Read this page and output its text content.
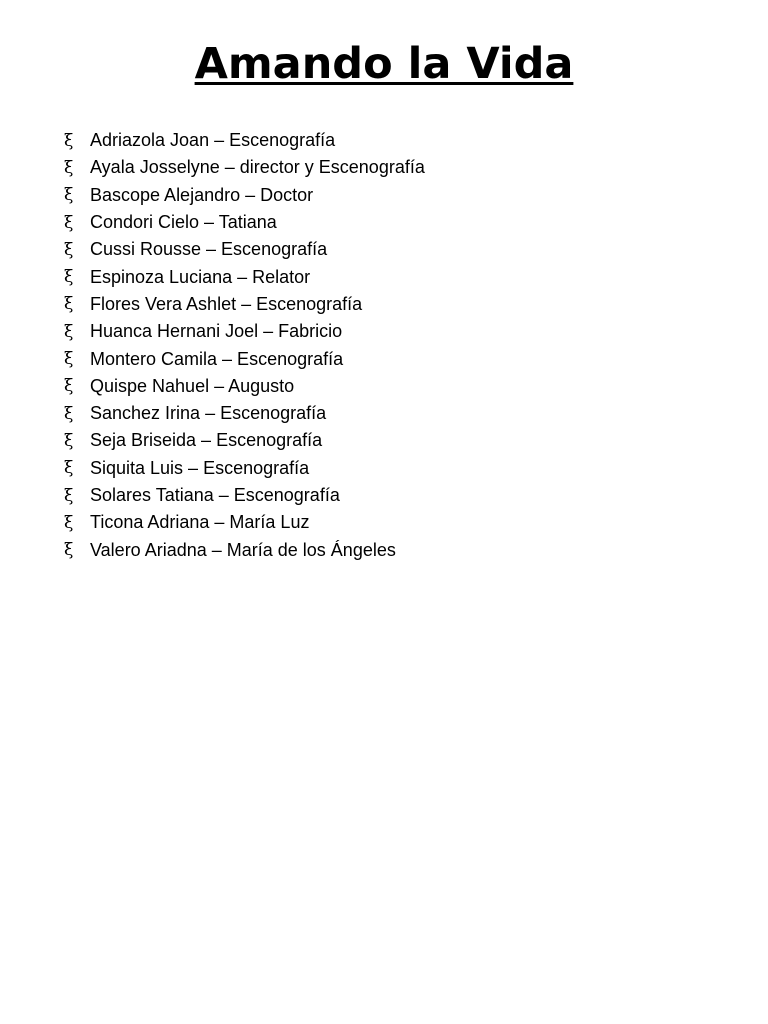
Amando la Vida
ξ Adriazola Joan – Escenografía
ξ Ayala Josselyne – director y Escenografía
ξ Bascope Alejandro – Doctor
ξ Condori Cielo – Tatiana
ξ Cussi Rousse – Escenografía
ξ Espinoza Luciana – Relator
ξ Flores Vera Ashlet – Escenografía
ξ Huanca Hernani Joel – Fabricio
ξ Montero Camila – Escenografía
ξ Quispe Nahuel – Augusto
ξ Sanchez Irina – Escenografía
ξ Seja Briseida – Escenografía
ξ Siquita Luis – Escenografía
ξ Solares Tatiana – Escenografía
ξ Ticona Adriana – María Luz
ξ Valero Ariadna – María de los Ángeles
